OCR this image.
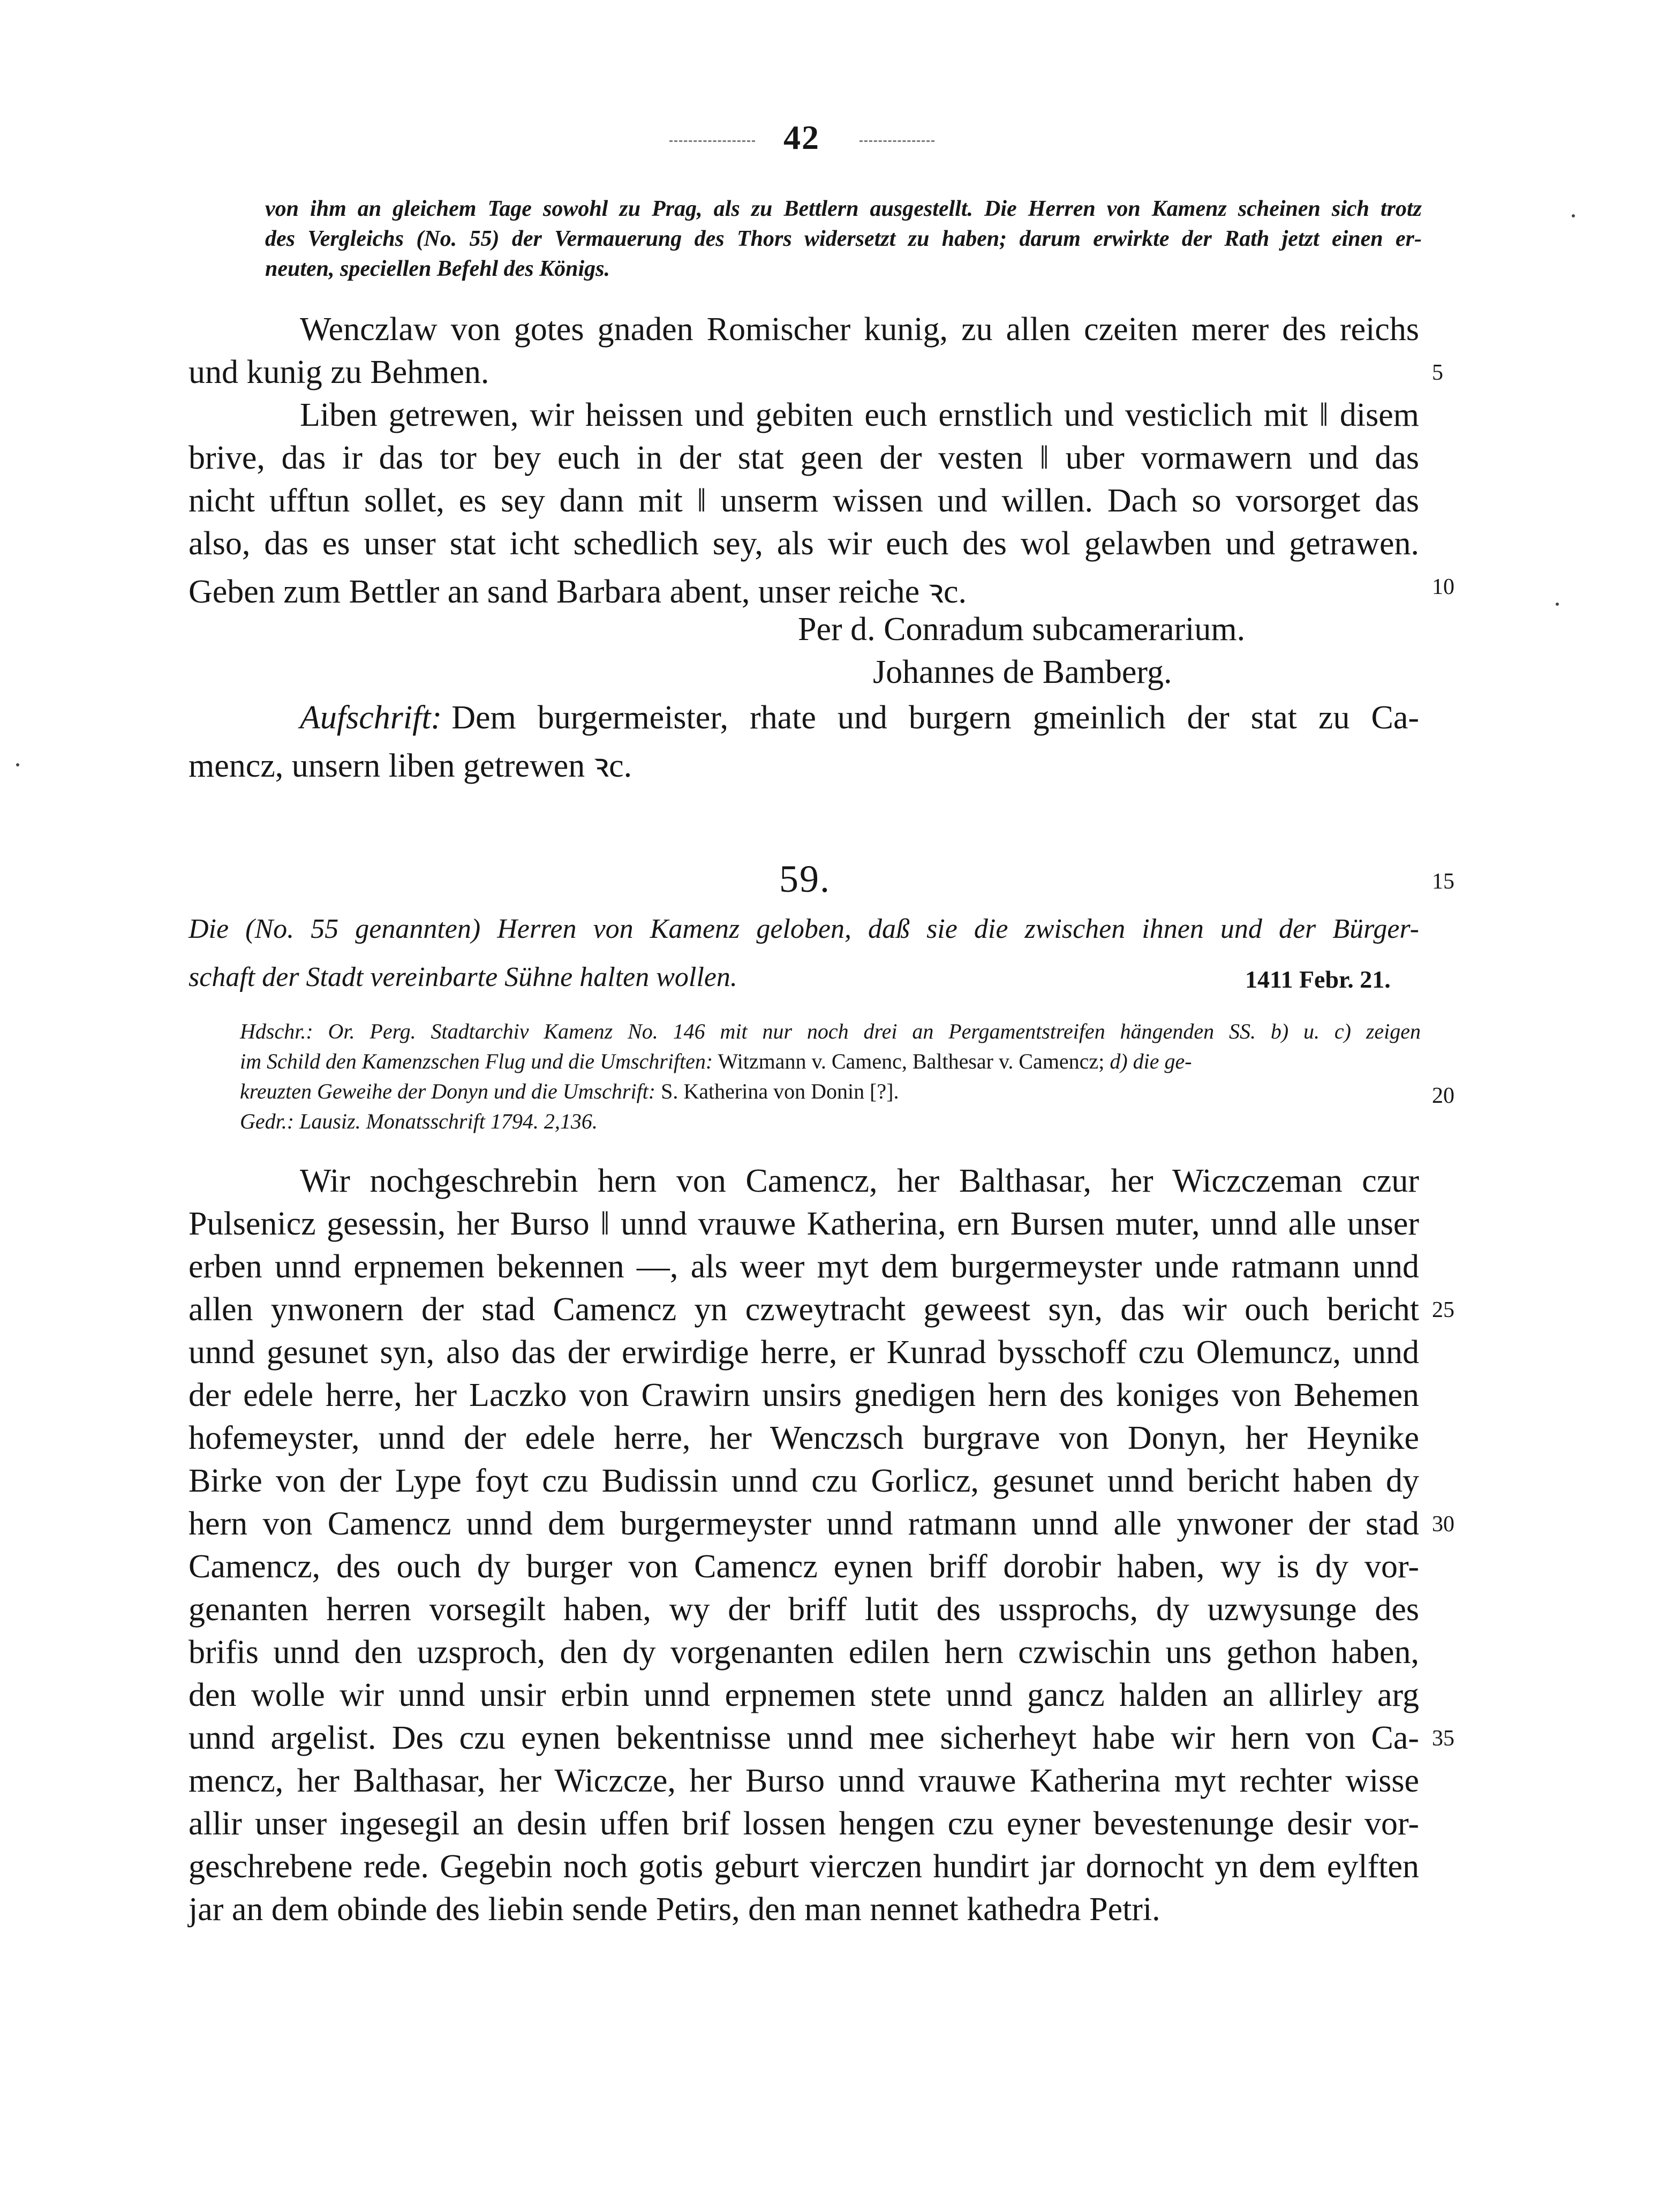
42
von ihm an gleichem Tage sowohl zu Prag, als zu Bettlern ausgestellt. Die Herren von Kamenz scheinen sich trotz
des Vergleichs (No. 55) der Vermauerung des Thors widersetzt zu haben; darum erwirkte der Rath jetzt einen er-
neuten, speciellen Befehl des Königs.
Wenczlaw von gotes gnaden Romischer kunig, zu allen czeiten merer des reichs
und kunig zu Behmen.
Liben getrewen, wir heissen und gebiten euch ernstlich und vesticlich mit ‖ disem
brive, das ir das tor bey euch in der stat geen der vesten ‖ uber vormawern und das
nicht ufftun sollet, es sey dann mit ‖ unserm wissen und willen. Dach so vorsorget das
also, das es unser stat icht schedlich sey, als wir euch des wol gelawben und getrawen.
Geben zum Bettler an sand Barbara abent, unser reiche ꝛc.
Per d. Conradum subcamerarium.
Johannes de Bamberg.
Aufschrift: Dem burgermeister, rhate und burgern gmeinlich der stat zu Ca-
mencz, unsern liben getrewen ꝛc.
59.
Die (No. 55 genannten) Herren von Kamenz geloben, daß sie die zwischen ihnen und der Bürger-
schaft der Stadt vereinbarte Sühne halten wollen.	1411 Febr. 21.
Hdschr.: Or. Perg. Stadtarchiv Kamenz No. 146 mit nur noch drei an Pergamentstreifen hängenden SS. b) u. c) zeigen
im Schild den Kamenzschen Flug und die Umschriften: Witzmann v. Camenc, Balthesar v. Camencz; d) die ge-
kreuzten Geweihe der Donyn und die Umschrift: S. Katherina von Donin [?].
Gedr.: Lausiz. Monatsschrift 1794. 2,136.
Wir nochgeschrebin hern von Camencz, her Balthasar, her Wiczczeman czur
Pulsenicz gesessin, her Burso ‖ unnd vrauwe Katherina, ern Bursen muter, unnd alle unser
erben unnd erpnemen bekennen —, als weer myt dem burgermeyster unde ratmann unnd
allen ynwonern der stad Camencz yn czweytracht geweest syn, das wir ouch bericht
unnd gesunet syn, also das der erwirdige herre, er Kunrad bysschoff czu Olemuncz, unnd
der edele herre, her Laczko von Crawirn unsirs gnedigen hern des koniges von Behemen
hofemeyster, unnd der edele herre, her Wenczsch burgrave von Donyn, her Heynike
Birke von der Lype foyt czu Budissin unnd czu Gorlicz, gesunet unnd bericht haben dy
hern von Camencz unnd dem burgermeyster unnd ratmann unnd alle ynwoner der stad
Camencz, des ouch dy burger von Camencz eynen briff dorobir haben, wy is dy vor-
genanten herren vorsegilt haben, wy der briff lutit des ussprochs, dy uzwysunge des
brifis unnd den uzsproch, den dy vorgenanten edilen hern czwischin uns gethon haben,
den wolle wir unnd unsir erbin unnd erpnemen stete unnd gancz halden an allirley arg
unnd argelist. Des czu eynen bekentnisse unnd mee sicherheyt habe wir hern von Ca-
mencz, her Balthasar, her Wiczcze, her Burso unnd vrauwe Katherina myt rechter wisse
allir unser ingesegil an desin uffen brif lossen hengen czu eyner bevestenunge desir vor-
geschrebene rede. Gegebin noch gotis geburt vierczen hundirt jar dornocht yn dem eylften
jar an dem obinde des liebin sende Petirs, den man nennet kathedra Petri.
5
10
15
20
25
30
35
